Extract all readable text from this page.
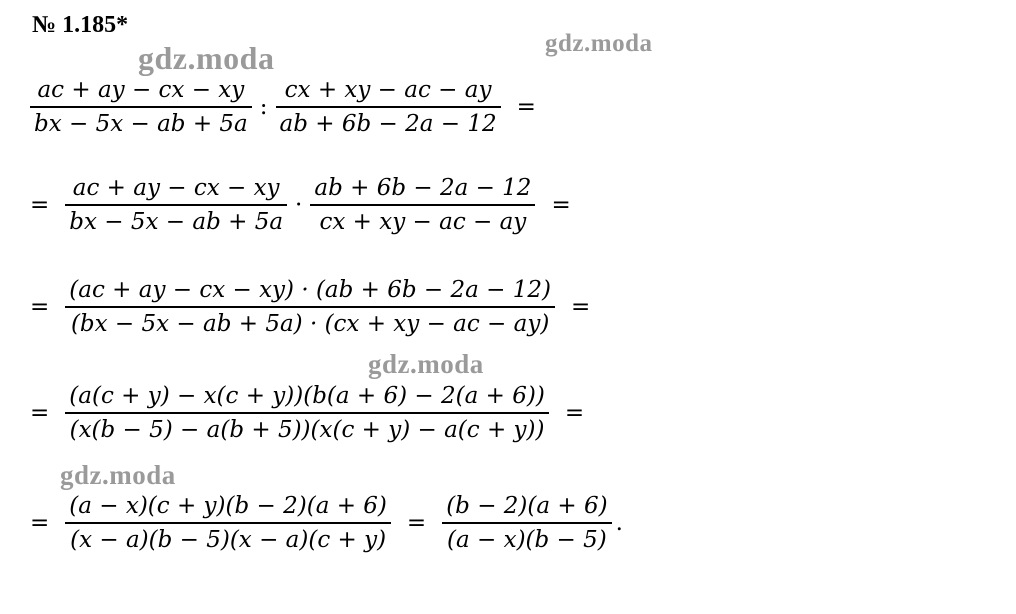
№ 1.185*
gdz.moda	gdz.moda
gdz.moda
gdz.moda
$\frac{ac + ay - cx - xy}{bx - 5x - ab + 5a}$ : $\frac{cx + xy - ac - ay}{ab + 6b - 2a - 12}$ =
= $\frac{ac + ay - cx - xy}{bx - 5x - ab + 5a} \cdot \frac{ab + 6b - 2a - 12}{cx + xy - ac - ay}$ =
= $\frac{(ac + ay - cx - xy) \cdot (ab + 6b - 2a - 12)}{(bx - 5x - ab + 5a) \cdot (cx + xy - ac - ay)}$ =
= $\frac{(a(c + y) - x(c + y))(b(a + 6) - 2(a + 6))}{(x(b - 5) - a(b + 5))(x(c + y) - a(c + y))}$ =
= $\frac{(a - x)(c + y)(b - 2)(a + 6)}{(x - a)(b - 5)(x - a)(c + y)} = \frac{(b - 2)(a + 6)}{(a - x)(b - 5)}$ .
